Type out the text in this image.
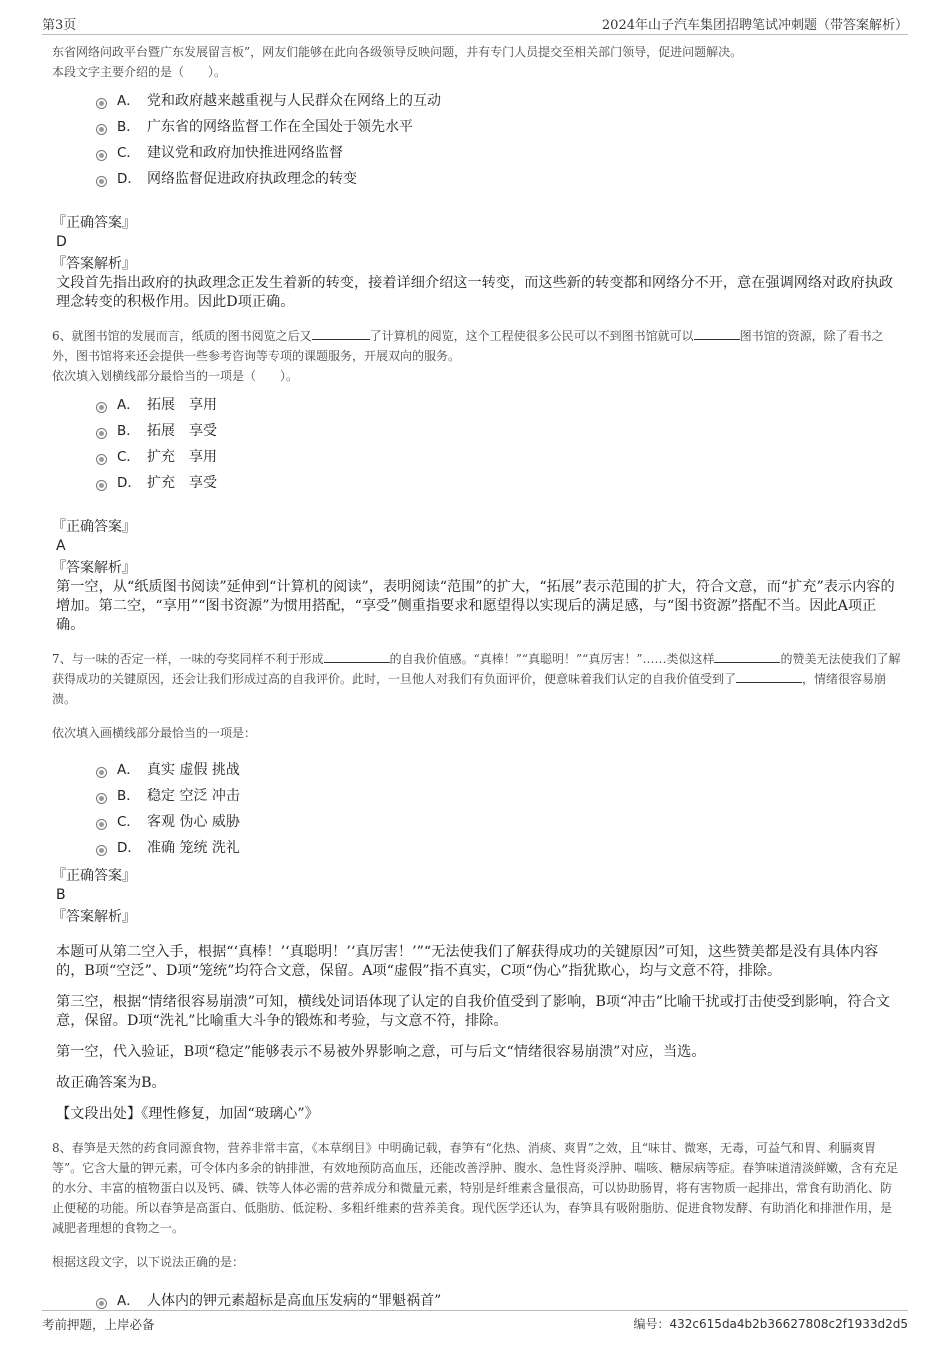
第3页	2024年山子汽车集团招聘笔试冲刺题（带答案解析）
东省网络问政平台暨广东发展留言板”，网友们能够在此向各级领导反映问题，并有专门人员提交至相关部门领导，促进问题解决。
本段文字主要介绍的是（　　）。
A． 党和政府越来越重视与人民群众在网络上的互动
B． 广东省的网络监督工作在全国处于领先水平
C． 建议党和政府加快推进网络监督
D． 网络监督促进政府执政理念的转变
『正确答案』
D
『答案解析』
文段首先指出政府的执政理念正发生着新的转变，接着详细介绍这一转变，而这些新的转变都和网络分不开，意在强调网络对政府执政理念转变的积极作用。因此D项正确。
6、就图书馆的发展而言，纸质的图书阅览之后又	了计算机的阅览，这个工程使很多公民可以不到图书馆就可以	图书馆的资源，除了看书之外，图书馆将来还会提供一些参考咨询等专项的课题服务，开展双向的服务。
依次填入划横线部分最恰当的一项是（　　）。
A． 拓展　享用
B． 拓展　享受
C． 扩充　享用
D． 扩充　享受
『正确答案』
A
『答案解析』
第一空，从“纸质图书阅读”延伸到“计算机的阅读”，表明阅读“范围”的扩大，“拓展”表示范围的扩大，符合文意，而“扩充”表示内容的增加。第二空，“享用”“图书资源”为惯用搭配，“享受”侧重指要求和愿望得以实现后的满足感，与“图书资源”搭配不当。因此A项正确。
7、与一味的否定一样，一味的夸奖同样不利于形成	的自我价值感。“真棒！”“真聪明！”“真厉害！”……类似这样	的赞美无法使我们了解获得成功的关键原因，还会让我们形成过高的自我评价。此时，一旦他人对我们有负面评价，便意味着我们认定的自我价值受到了	，情绪很容易崩溃。
依次填入画横线部分最恰当的一项是：
A． 真实 虚假 挑战
B． 稳定 空泛 冲击
C． 客观 伪心 威胁
D． 准确 笼统 洗礼
『正确答案』
B
『答案解析』
本题可从第二空入手，根据“‘真棒！’‘真聪明！’‘真厉害！’”“无法使我们了解获得成功的关键原因”可知，这些赞美都是没有具体内容的，B项“空泛”、D项“笼统”均符合文意，保留。A项“虚假”指不真实，C项“伪心”指犹欺心，均与文意不符，排除。
第三空，根据“情绪很容易崩溃”可知，横线处词语体现了认定的自我价值受到了影响，B项“冲击”比喻干扰或打击使受到影响，符合文意，保留。D项“洗礼”比喻重大斗争的锻炼和考验，与文意不符，排除。
第一空，代入验证，B项“稳定”能够表示不易被外界影响之意，可与后文“情绪很容易崩溃”对应，当选。
故正确答案为B。
【文段出处】《理性修复，加固“玻璃心”》
8、春笋是天然的药食同源食物，营养非常丰富，《本草纲目》中明确记载，春笋有“化热、消痰、爽胃”之效，且“味甘、微寒，无毒，可益气和胃、利膈爽胃等”。它含大量的钾元素，可令体内多余的钠排泄，有效地预防高血压，还能改善浮肿、腹水、急性肾炎浮肿、喘咳、糖尿病等症。春笋味道清淡鲜嫩，含有充足的水分、丰富的植物蛋白以及钙、磷、铁等人体必需的营养成分和微量元素，特别是纤维素含量很高，可以协助肠胃，将有害物质一起排出，常食有助消化、防止便秘的功能。所以春笋是高蛋白、低脂肪、低淀粉、多粗纤维素的营养美食。现代医学还认为，春笋具有吸附脂肪、促进食物发酵、有助消化和排泄作用，是减肥者理想的食物之一。
根据这段文字，以下说法正确的是：
A． 人体内的钾元素超标是高血压发病的“罪魁祸首”
考前押题，上岸必备	编号：432c615da4b2b36627808c2f1933d2d5
